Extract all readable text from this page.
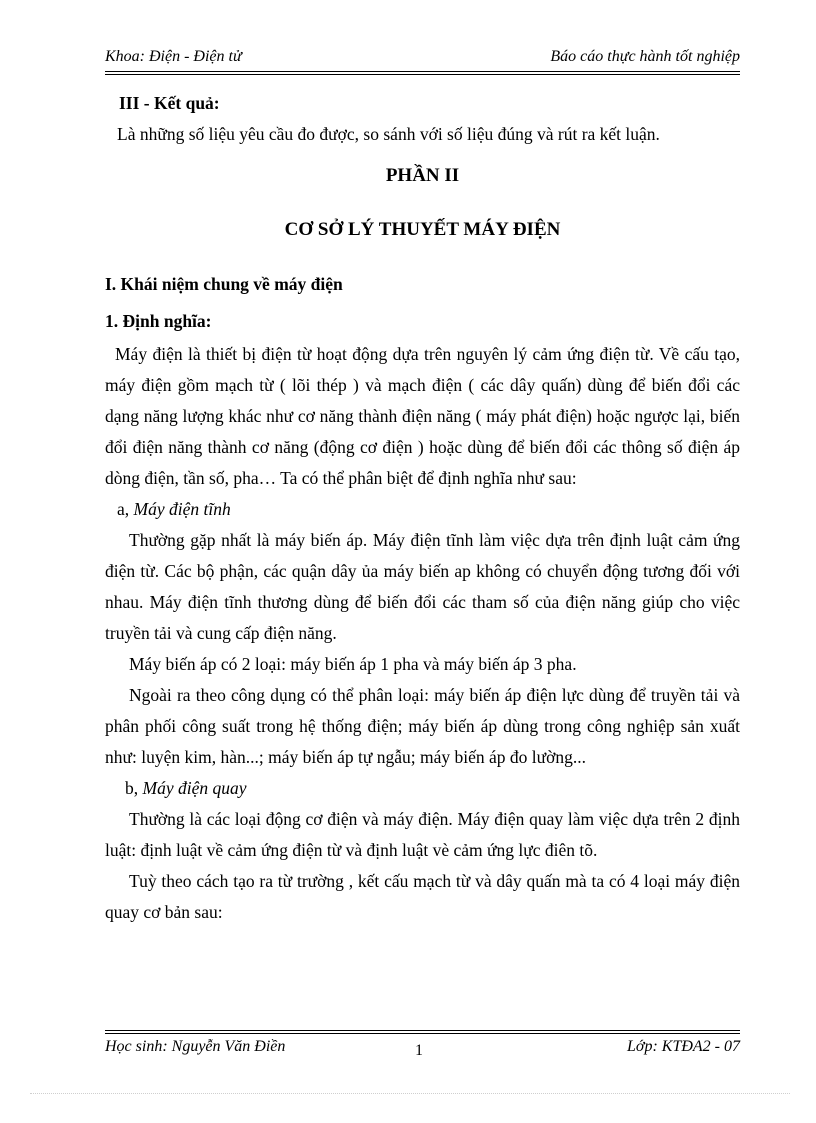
Khoa: Điện - Điện tử	Báo cáo thực hành tốt nghiệp

III - Kết quả:

Là những số liệu yêu cầu đo được, so sánh với số liệu đúng và rút ra kết luận.

PHẦN II

CƠ SỞ LÝ THUYẾT MÁY ĐIỆN

I. Khái niệm chung về máy điện

1. Định nghĩa:

Máy điện là thiết bị điện từ hoạt động dựa trên nguyên lý cảm ứng điện từ. Về cấu tạo, máy điện gồm mạch từ ( lõi thép ) và mạch điện ( các dây quấn) dùng để biến đổi các dạng năng lượng khác như cơ năng thành điện năng ( máy phát điện) hoặc ngược lại, biến đổi điện năng thành cơ năng (động cơ điện ) hoặc dùng để biến đổi các thông số điện áp dòng điện, tần số, pha… Ta có thể phân biệt để định nghĩa như sau:

a, Máy điện tĩnh

Thường gặp nhất là máy biến áp. Máy điện tĩnh làm việc dựa trên định luật cảm ứng điện từ. Các bộ phận, các quận dây ủa máy biến ap không có chuyển động tương đối với nhau. Máy điện tĩnh thương dùng để biến đổi các tham số của điện năng giúp cho việc truyền tải và cung cấp điện năng.

Máy biến áp có 2 loại: máy biến áp 1 pha và máy biến áp 3 pha.

Ngoài ra theo công dụng có thể phân loại: máy biến áp điện lực dùng để truyền tải và phân phối công suất trong hệ thống điện; máy biến áp dùng trong công nghiệp sản xuất như: luyện kim, hàn...; máy biến áp tự ngẫu; máy biến áp đo lường...

b, Máy điện quay

Thường là các loại động cơ điện và máy điện. Máy điện quay làm việc dựa trên 2 định luật: định luật về cảm ứng điện từ và định luật vè cảm ứng lực điên tõ.

Tuỳ theo cách tạo ra từ trường , kết cấu mạch từ và dây quấn mà ta có 4 loại máy điện quay cơ bản sau:

Học sinh: Nguyễn Văn Điền	1	Lớp: KTĐA2 - 07
